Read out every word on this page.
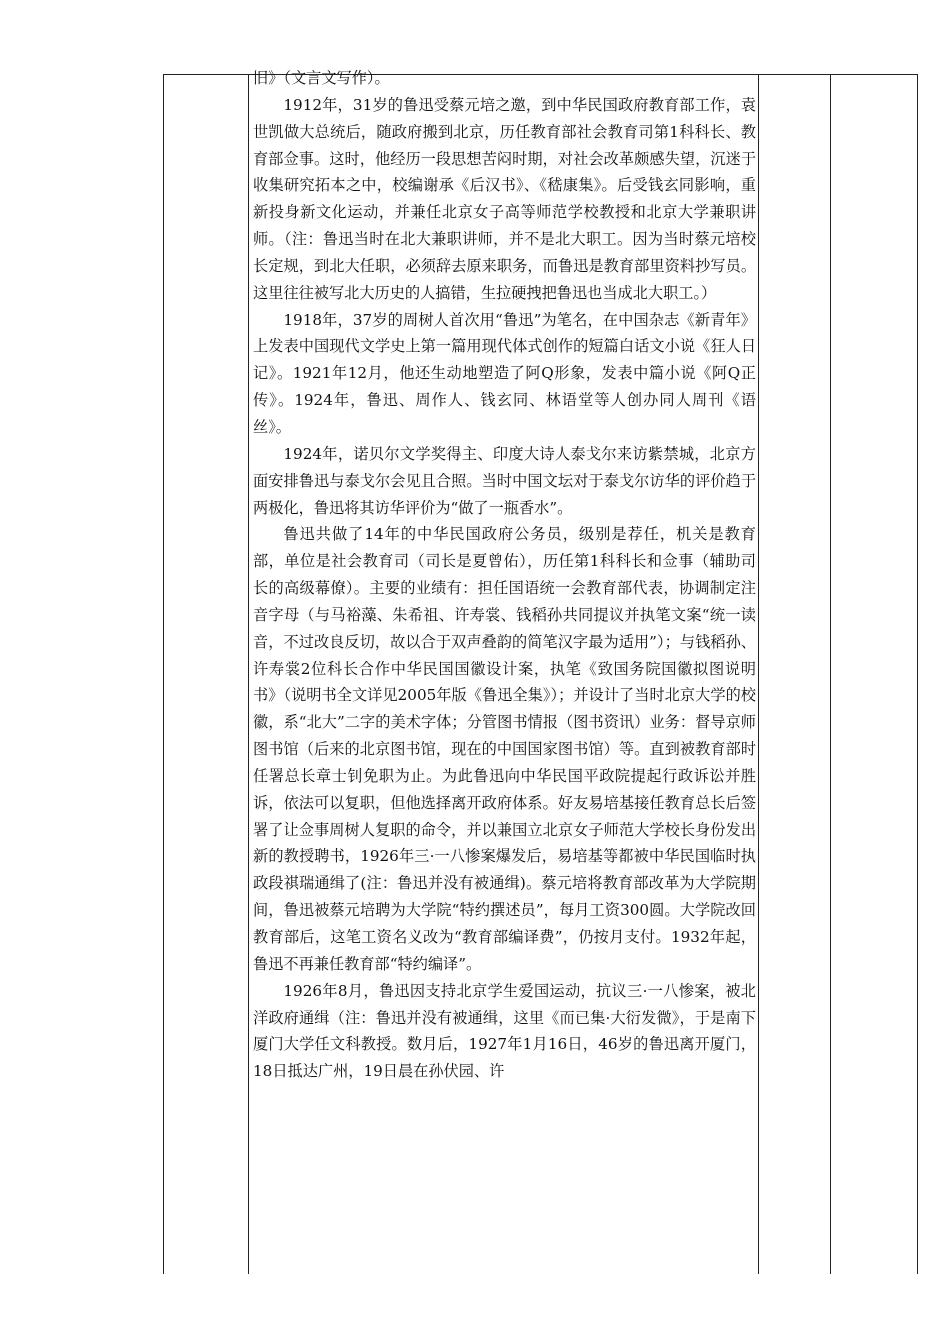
旧》（文言文写作）。

1912年，31岁的鲁迅受蔡元培之邀，到中华民国政府教育部工作，袁世凯做大总统后，随政府搬到北京，历任教育部社会教育司第1科科长、教育部佥事。这时，他经历一段思想苦闷时期，对社会改革颇感失望，沉迷于收集研究拓本之中，校编谢承《后汉书》、《嵇康集》。后受钱玄同影响，重新投身新文化运动，并兼任北京女子高等师范学校教授和北京大学兼职讲师。（注：鲁迅当时在北大兼职讲师，并不是北大职工。因为当时蔡元培校长定规，到北大任职，必须辞去原来职务，而鲁迅是教育部里资料抄写员。这里往往被写北大历史的人搞错，生拉硬拽把鲁迅也当成北大职工。）

1918年，37岁的周树人首次用“鲁迅”为笔名，在中国杂志《新青年》上发表中国现代文学史上第一篇用现代体式创作的短篇白话文小说《狂人日记》。1921年12月，他还生动地塑造了阿Q形象，发表中篇小说《阿Q正传》。1924年，鲁迅、周作人、钱玄同、林语堂等人创办同人周刊《语丝》。

1924年，诺贝尔文学奖得主、印度大诗人泰戈尔来访紫禁城，北京方面安排鲁迅与泰戈尔会见且合照。当时中国文坛对于泰戈尔访华的评价趋于两极化，鲁迅将其访华评价为“做了一瓶香水”。

鲁迅共做了14年的中华民国政府公务员，级别是荐任，机关是教育部，单位是社会教育司（司长是夏曾佑），历任第1科科长和佥事（辅助司长的高级幕僚）。主要的业绩有：担任国语统一会教育部代表，协调制定注音字母（与马裕藻、朱希祖、许寿裳、钱稻孙共同提议并执笔文案“统一读音，不过改良反切，故以合于双声叠韵的简笔汉字最为适用”）；与钱稻孙、许寿裳2位科长合作中华民国国徽设计案，执笔《致国务院国徽拟图说明书》（说明书全文详见2005年版《鲁迅全集》）；并设计了当时北京大学的校徽，系“北大”二字的美术字体；分管图书情报（图书资讯）业务：督导京师图书馆（后来的北京图书馆，现在的中国国家图书馆）等。直到被教育部时任署总长章士钊免职为止。为此鲁迅向中华民国平政院提起行政诉讼并胜诉，依法可以复职，但他选择离开政府体系。好友易培基接任教育总长后签署了让佥事周树人复职的命令，并以兼国立北京女子师范大学校长身份发出新的教授聘书，1926年三·一八惨案爆发后，易培基等都被中华民国临时执政段祺瑞通缉了(注：鲁迅并没有被通缉)。蔡元培将教育部改革为大学院期间，鲁迅被蔡元培聘为大学院“特约撰述员”，每月工资300圆。大学院改回教育部后，这笔工资名义改为“教育部编译费”，仍按月支付。1932年起，鲁迅不再兼任教育部“特约编译”。

1926年8月，鲁迅因支持北京学生爱国运动，抗议三·一八惨案，被北洋政府通缉（注：鲁迅并没有被通缉，这里《而已集·大衍发微》，于是南下厦门大学任文科教授。数月后，1927年1月16日，46岁的鲁迅离开厦门，18日抵达广州，19日晨在孙伏园、许
